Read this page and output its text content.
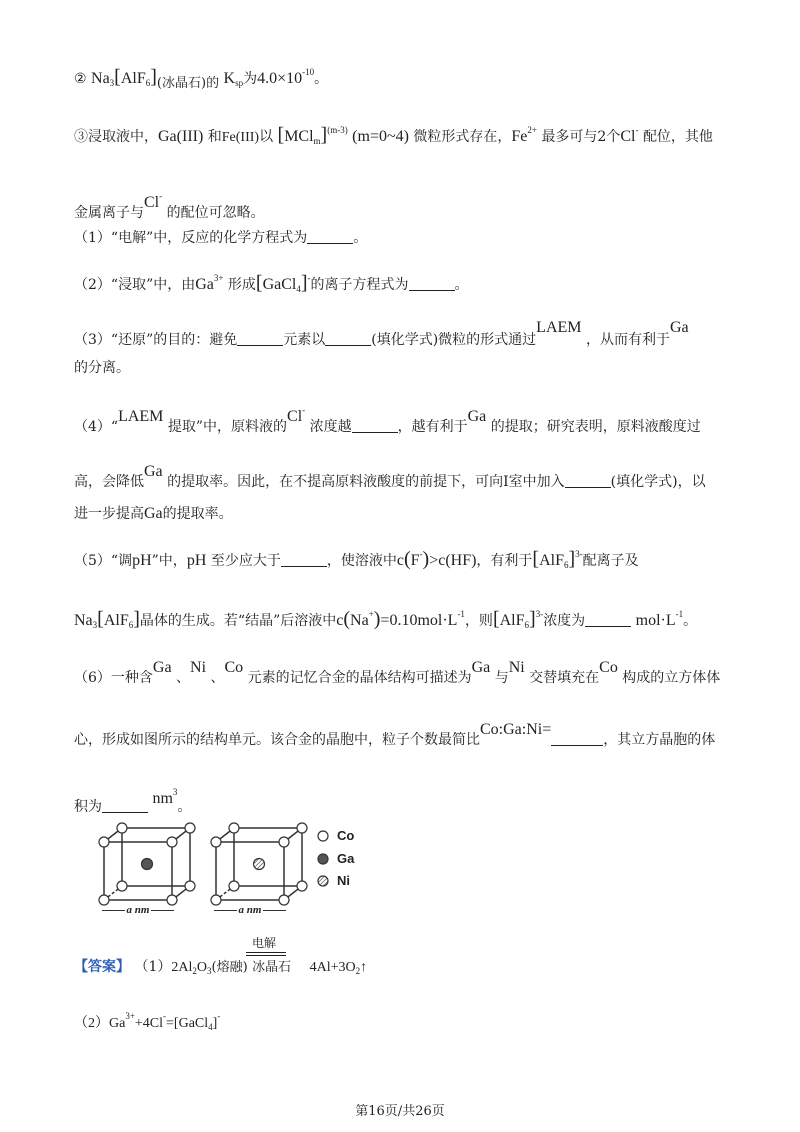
② $Na_3[AlF_6]$(冰晶石)的 $K_{sp}$为$4.0\times 10^{-10}$。
③浸取液中，Ga(III) 和Fe(III)以 $[MCl_m]^{(m-3)}$ (m=0~4) 微粒形式存在，$Fe^{2+}$ 最多可与2个Cl- 配位，其他
金属离子与Cl- 的配位可忽略。
（1）“电解”中，反应的化学方程式为	。
（2）“浸取”中，由$Ga^{3+}$ 形成[GaCl$_4$]-的离子方程式为	。
（3）“还原”的目的：避免	元素以	(填化学式)微粒的形式通过LAEM ，从而有利于Ga
的分离。
（4）“LAEM 提取”中，原料液的Cl- 浓度越	，越有利于Ga 的提取；研究表明，原料液酸度过
高，会降低Ga 的提取率。因此，在不提高原料液酸度的前提下，可向Ⅰ室中加入	(填化学式)，以
进一步提高Ga的提取率。
（5）“调pH”中，pH 至少应大于	，使溶液中c(F-)>c(HF)，有利于$[AlF_6]^{3-}$配离子及
$Na_3[AlF_6]$晶体的生成。若“结晶”后溶液中$c(Na^+)=0.10mol\cdot L^{-1}$，则$[AlF_6]^{3-}$浓度为	$mol\cdot L^{-1}$。
（6）一种含Ga 、Ni 、Co 元素的记忆合金的晶体结构可描述为Ga 与Ni 交替填充在Co 构成的立方体体
心，形成如图所示的结构单元。该合金的晶胞中，粒子个数最简比Co:Ga:Ni=，其立方晶胞的体
积为	$nm^3$。
Co
Ga
Ni
a nm	a nm
电解
【答案】 $(1)2Al_2O_3$(熔融) 冰晶石 $4Al+3O_2↑$
$(2)Ga^{3+}+4Cl^-=[GaCl_4]^-$
第16页/共26页
